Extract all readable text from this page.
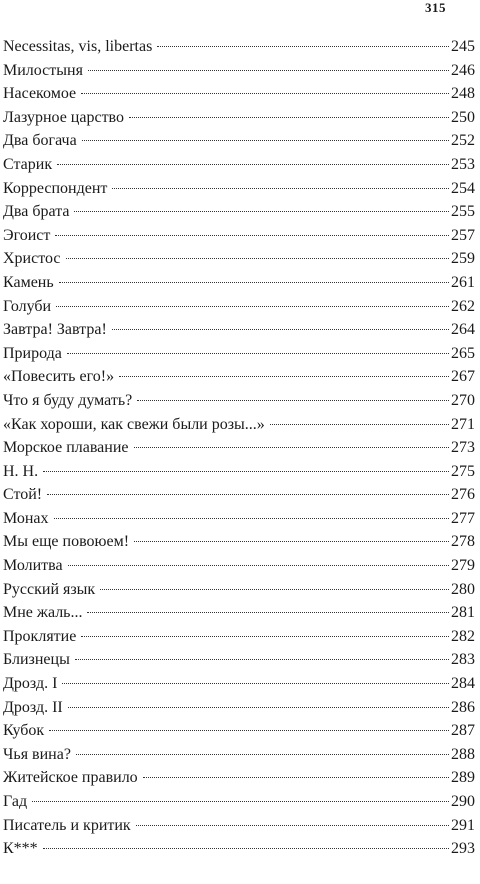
315
Necessitas, vis, libertas	245
Милостыня	246
Насекомое	248
Лазурное царство	250
Два богача	252
Старик	253
Корреспондент	254
Два брата	255
Эгоист	257
Христос	259
Камень	261
Голуби	262
Завтра! Завтра!	264
Природа	265
«Повесить его!»	267
Что я буду думать?	270
«Как хороши, как свежи были розы...»	271
Морское плавание	273
Н. Н.	275
Стой!	276
Монах	277
Мы еще повоюем!	278
Молитва	279
Русский язык	280
Мне жаль...	281
Проклятие	282
Близнецы	283
Дрозд. I	284
Дрозд. II	286
Кубок	287
Чья вина?	288
Житейское правило	289
Гад	290
Писатель и критик	291
К***	293
